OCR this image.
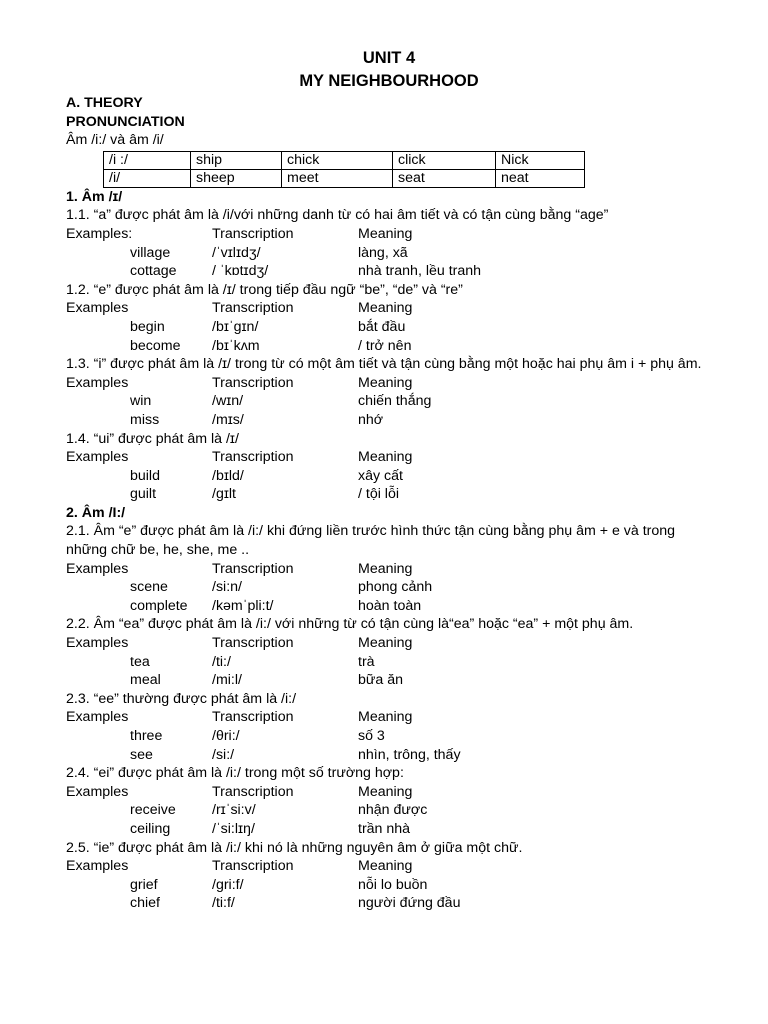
UNIT 4
MY NEIGHBOURHOOD
A. THEORY
PRONUNCIATION
Âm /i:/ và âm /i/
/i :/	ship	chick	click	Nick
/i/	sheep	meet	seat	neat
1. Âm /ɪ/
1.1. “a” được phát âm là /i/với những danh từ có hai âm tiết và có tận cùng bằng “age”
Examples:	Transcription	Meaning
village	/ˈvɪlɪdʒ/	làng, xã
cottage / ˈkɒtɪdʒ/	nhà tranh, lều tranh
1.2. “e” được phát âm là /ɪ/ trong tiếp đầu ngữ “be”, “de” và “re”
Examples	Transcription	Meaning
begin	/bɪˈɡɪn/	bắt đầu
become /bɪˈkʌm	/ trở nên
1.3. “i” được phát âm là /ɪ/ trong từ có một âm tiết và tận cùng bằng một hoặc hai phụ âm i + phụ âm.
Examples	Transcription	Meaning
win	/wɪn/	chiến thắng
miss	/mɪs/	nhớ
1.4. “ui” được phát âm là /ɪ/
Examples	Transcription	Meaning
build	/bɪld/	xây cất
guilt	/gɪlt	/ tội lỗi
2. Âm /I:/
2.1. Âm “e” được phát âm là /i:/ khi đứng liền trước hình thức tận cùng bằng phụ âm + e và trong những chữ be, he, she, me ..
Examples	Transcription	Meaning
scene	/si:n/	phong cảnh
complete /kəmˈpli:t/	hoàn toàn
2.2. Âm “ea” được phát âm là /i:/ với những từ có tận cùng là“ea” hoặc “ea” + một phụ âm.
Examples	Transcription	Meaning
tea	/ti:/	trà
meal	/mi:l/	bữa ăn
2.3. “ee” thường được phát âm là /i:/
Examples	Transcription	Meaning
three	/θri:/	số 3
see	/si:/	nhìn, trông, thấy
2.4. “ei” được phát âm là /i:/ trong một số trường hợp:
Examples	Transcription	Meaning
receive	/rɪˈsi:v/	nhận được
ceiling	/ˈsi:lɪŋ/	trần nhà
2.5. “ie” được phát âm là /i:/ khi nó là những nguyên âm ở giữa một chữ.
Examples	Transcription	Meaning
grief	/gri:f/	nỗi lo buồn
chief	/ti:f/	người đứng đầu
